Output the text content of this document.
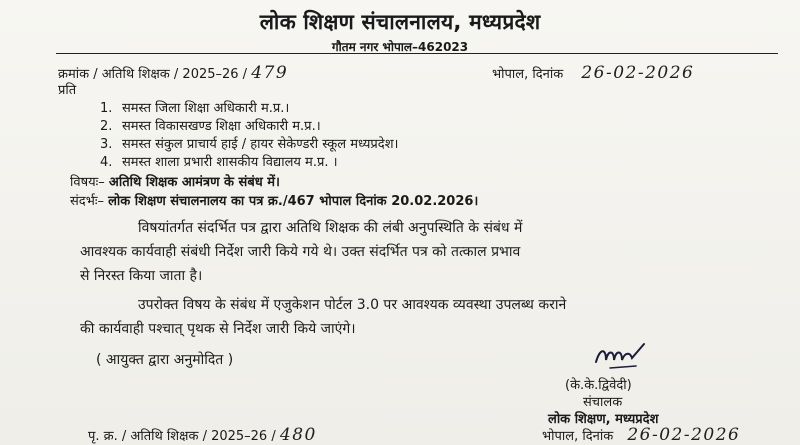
लोक शिक्षण संचालनालय, मध्यप्रदेश
गौतम नगर भोपाल–462023
क्रमांक / अतिथि शिक्षक / 2025–26 / 479	भोपाल, दिनांक 26-02-2026
प्रति
1. समस्त जिला शिक्षा अधिकारी म.प्र.।
2. समस्त विकासखण्ड शिक्षा अधिकारी म.प्र.।
3. समस्त संकुल प्राचार्य हाई / हायर सेकेण्डरी स्कूल मध्यप्रदेश।
4. समस्त शाला प्रभारी शासकीय विद्यालय म.प्र. ।
विषयः– अतिथि शिक्षक आमंत्रण के संबंध में।
संदर्भः– लोक शिक्षण संचालनालय का पत्र क्र./467 भोपाल दिनांक 20.02.2026।
विषयांतर्गत संदर्भित पत्र द्वारा अतिथि शिक्षक की लंबी अनुपस्थिति के संबंध में
आवश्यक कार्यवाही संबंधी निर्देश जारी किये गये थे। उक्त संदर्भित पत्र को तत्काल प्रभाव
से निरस्त किया जाता है।
उपरोक्त विषय के संबंध में एजुकेशन पोर्टल 3.0 पर आवश्यक व्यवस्था उपलब्ध कराने
की कार्यवाही पश्चात् पृथक से निर्देश जारी किये जाएंगे।
( आयुक्त द्वारा अनुमोदित )
(के.के.द्विवेदी)
संचालक
लोक शिक्षण, मध्यप्रदेश
पृ. क्र. / अतिथि शिक्षक / 2025–26 / 480	भोपाल, दिनांक 26-02-2026
